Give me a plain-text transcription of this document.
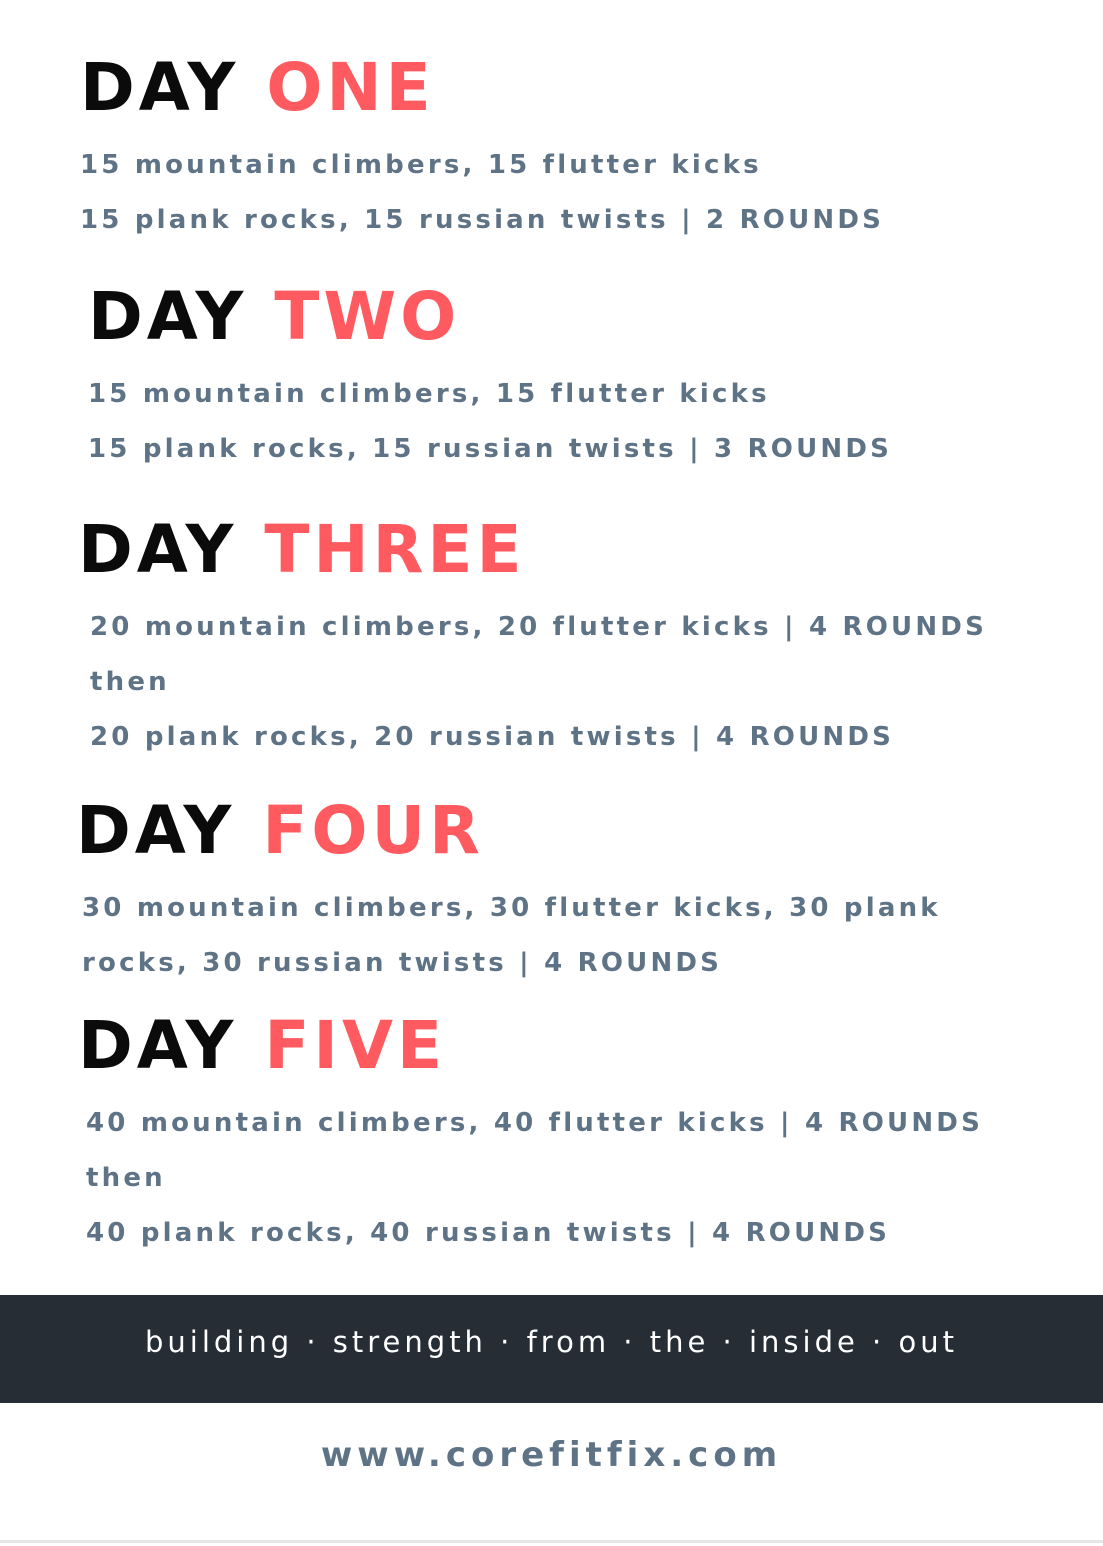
DAY ONE
15 mountain climbers, 15 flutter kicks
15 plank rocks, 15 russian twists | 2 ROUNDS
DAY TWO
15 mountain climbers, 15 flutter kicks
15 plank rocks, 15 russian twists | 3 ROUNDS
DAY THREE
20 mountain climbers, 20 flutter kicks | 4 ROUNDS
then
20 plank rocks, 20 russian twists | 4 ROUNDS
DAY FOUR
30 mountain climbers, 30 flutter kicks, 30 plank
rocks, 30 russian twists | 4 ROUNDS
DAY FIVE
40 mountain climbers, 40 flutter kicks | 4 ROUNDS
then
40 plank rocks, 40 russian twists | 4 ROUNDS
building · strength · from · the · inside · out
www.corefitfix.com
